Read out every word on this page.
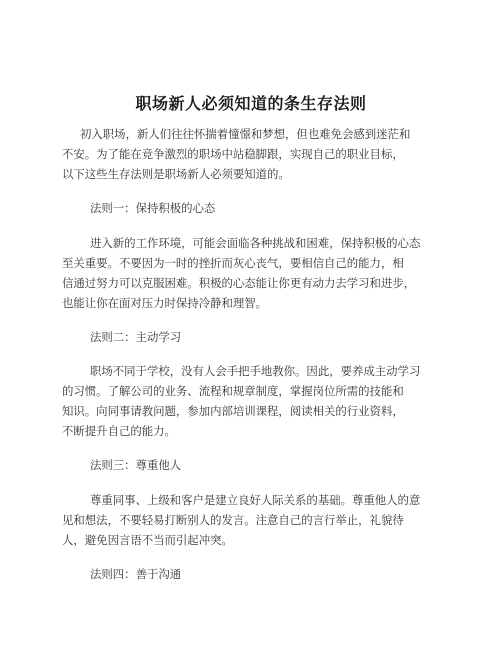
职场新人必须知道的条生存法则
初入职场，新人们往往怀揣着憧憬和梦想，但也难免会感到迷茫和
不安。为了能在竞争激烈的职场中站稳脚跟，实现自己的职业目标，
以下这些生存法则是职场新人必须要知道的。
法则一：保持积极的心态
进入新的工作环境，可能会面临各种挑战和困难，保持积极的心态
至关重要。不要因为一时的挫折而灰心丧气，要相信自己的能力，相
信通过努力可以克服困难。积极的心态能让你更有动力去学习和进步，
也能让你在面对压力时保持冷静和理智。
法则二：主动学习
职场不同于学校，没有人会手把手地教你。因此，要养成主动学习
的习惯。了解公司的业务、流程和规章制度，掌握岗位所需的技能和
知识。向同事请教问题，参加内部培训课程，阅读相关的行业资料，
不断提升自己的能力。
法则三：尊重他人
尊重同事、上级和客户是建立良好人际关系的基础。尊重他人的意
见和想法，不要轻易打断别人的发言。注意自己的言行举止，礼貌待
人，避免因言语不当而引起冲突。
法则四：善于沟通
